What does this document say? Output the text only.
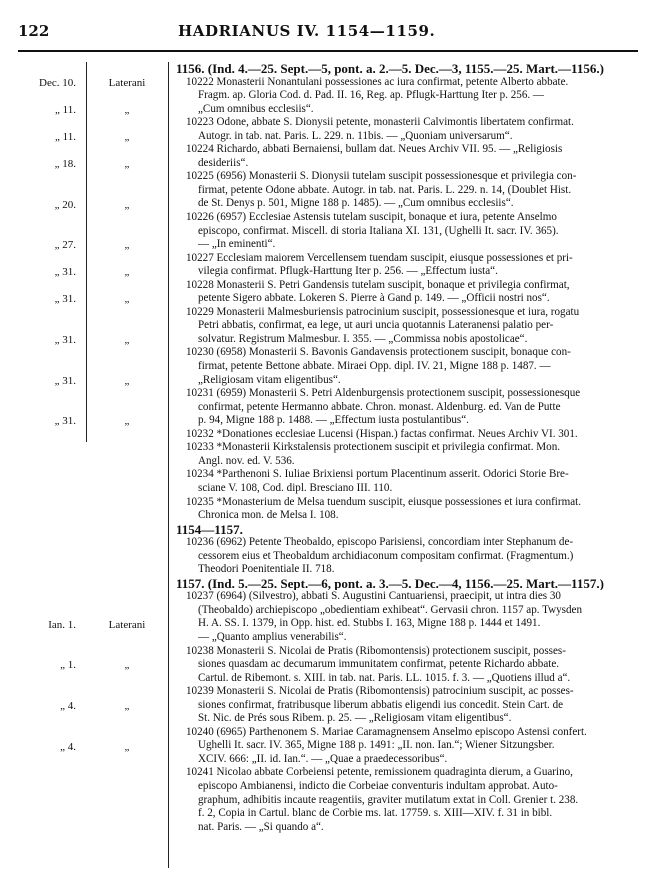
122	HADRIANUS IV. 1154—1159.
Dec. 10.	Laterani
„ 11.	„
„ 11.	„
„ 18.	„
„ 20.	„
„ 27.	„
„ 31.	„
„ 31.	„
„ 31.	„
„ 31.	„
„ 31.	„
Ian. 1.	Laterani
„ 1.	„
„ 4.	„
„ 4.	„
1156. (Ind. 4.—25. Sept.—5, pont. a. 2.—5. Dec.—3, 1155.—25. Mart.—1156.)
10222 Monasterii Nonantulani possessiones ac iura confirmat, petente Alberto abbate.
Fragm. ap. Gloria Cod. d. Pad. II. 16, Reg. ap. Pflugk-Harttung Iter p. 256. —
„Cum omnibus ecclesiis“.
10223 Odone, abbate S. Dionysii petente, monasterii Calvimontis libertatem confirmat.
Autogr. in tab. nat. Paris. L. 229. n. 11bis. — „Quoniam universarum“.
10224 Richardo, abbati Bernaiensi, bullam dat. Neues Archiv VII. 95. — „Religiosis
desideriis“.
10225 (6956) Monasterii S. Dionysii tutelam suscipit possessionesque et privilegia con-
firmat, petente Odone abbate. Autogr. in tab. nat. Paris. L. 229. n. 14, (Doublet Hist.
de St. Denys p. 501, Migne 188 p. 1485). — „Cum omnibus ecclesiis“.
10226 (6957) Ecclesiae Astensis tutelam suscipit, bonaque et iura, petente Anselmo
episcopo, confirmat. Miscell. di storia Italiana XI. 131, (Ughelli It. sacr. IV. 365).
— „In eminenti“.
10227 Ecclesiam maiorem Vercellensem tuendam suscipit, eiusque possessiones et pri-
vilegia confirmat. Pflugk-Harttung Iter p. 256. — „Effectum iusta“.
10228 Monasterii S. Petri Gandensis tutelam suscipit, bonaque et privilegia confirmat,
petente Sigero abbate. Lokeren S. Pierre à Gand p. 149. — „Officii nostri nos“.
10229 Monasterii Malmesburiensis patrocinium suscipit, possessionesque et iura, rogatu
Petri abbatis, confirmat, ea lege, ut auri uncia quotannis Lateranensi palatio per-
solvatur. Registrum Malmesbur. I. 355. — „Commissa nobis apostolicae“.
10230 (6958) Monasterii S. Bavonis Gandavensis protectionem suscipit, bonaque con-
firmat, petente Bettone abbate. Miraei Opp. dipl. IV. 21, Migne 188 p. 1487. —
„Religiosam vitam eligentibus“.
10231 (6959) Monasterii S. Petri Aldenburgensis protectionem suscipit, possessionesque
confirmat, petente Hermanno abbate. Chron. monast. Aldenburg. ed. Van de Putte
p. 94, Migne 188 p. 1488. — „Effectum iusta postulantibus“.
10232 *Donationes ecclesiae Lucensi (Hispan.) factas confirmat. Neues Archiv VI. 301.
10233 *Monasterii Kirkstalensis protectionem suscipit et privilegia confirmat. Mon.
Angl. nov. ed. V. 536.
10234 *Parthenoni S. Iuliae Brixiensi portum Placentinum asserit. Odorici Storie Bre-
sciane V. 108, Cod. dipl. Bresciano III. 110.
10235 *Monasterium de Melsa tuendum suscipit, eiusque possessiones et iura confirmat.
Chronica mon. de Melsa I. 108.
1154—1157.
10236 (6962) Petente Theobaldo, episcopo Parisiensi, concordiam inter Stephanum de-
cessorem eius et Theobaldum archidiaconum compositam confirmat. (Fragmentum.)
Theodori Poenitentiale II. 718.
1157. (Ind. 5.—25. Sept.—6, pont. a. 3.—5. Dec.—4, 1156.—25. Mart.—1157.)
10237 (6964) (Silvestro), abbati S. Augustini Cantuariensi, praecipit, ut intra dies 30
(Theobaldo) archiepiscopo „obedientiam exhibeat“. Gervasii chron. 1157 ap. Twysden
H. A. SS. I. 1379, in Opp. hist. ed. Stubbs I. 163, Migne 188 p. 1444 et 1491.
— „Quanto amplius venerabilis“.
10238 Monasterii S. Nicolai de Pratis (Ribomontensis) protectionem suscipit, posses-
siones quasdam ac decumarum immunitatem confirmat, petente Richardo abbate.
Cartul. de Ribemont. s. XIII. in tab. nat. Paris. LL. 1015. f. 3. — „Quotiens illud a“.
10239 Monasterii S. Nicolai de Pratis (Ribomontensis) patrocinium suscipit, ac posses-
siones confirmat, fratribusque liberum abbatis eligendi ius concedit. Stein Cart. de
St. Nic. de Prés sous Ribem. p. 25. — „Religiosam vitam eligentibus“.
10240 (6965) Parthenonem S. Mariae Caramagnensem Anselmo episcopo Astensi confert.
Ughelli It. sacr. IV. 365, Migne 188 p. 1491: „II. non. Ian.“; Wiener Sitzungsber.
XCIV. 666: „II. id. Ian.“. — „Quae a praedecessoribus“.
10241 Nicolao abbate Corbeiensi petente, remissionem quadraginta dierum, a Guarino,
episcopo Ambianensi, indicto die Corbeiae conventuris indultam approbat. Auto-
graphum, adhibitis incaute reagentiis, graviter mutilatum extat in Coll. Grenier t. 238.
f. 2, Copia in Cartul. blanc de Corbie ms. lat. 17759. s. XIII—XIV. f. 31 in bibl.
nat. Paris. — „Si quando a“.
